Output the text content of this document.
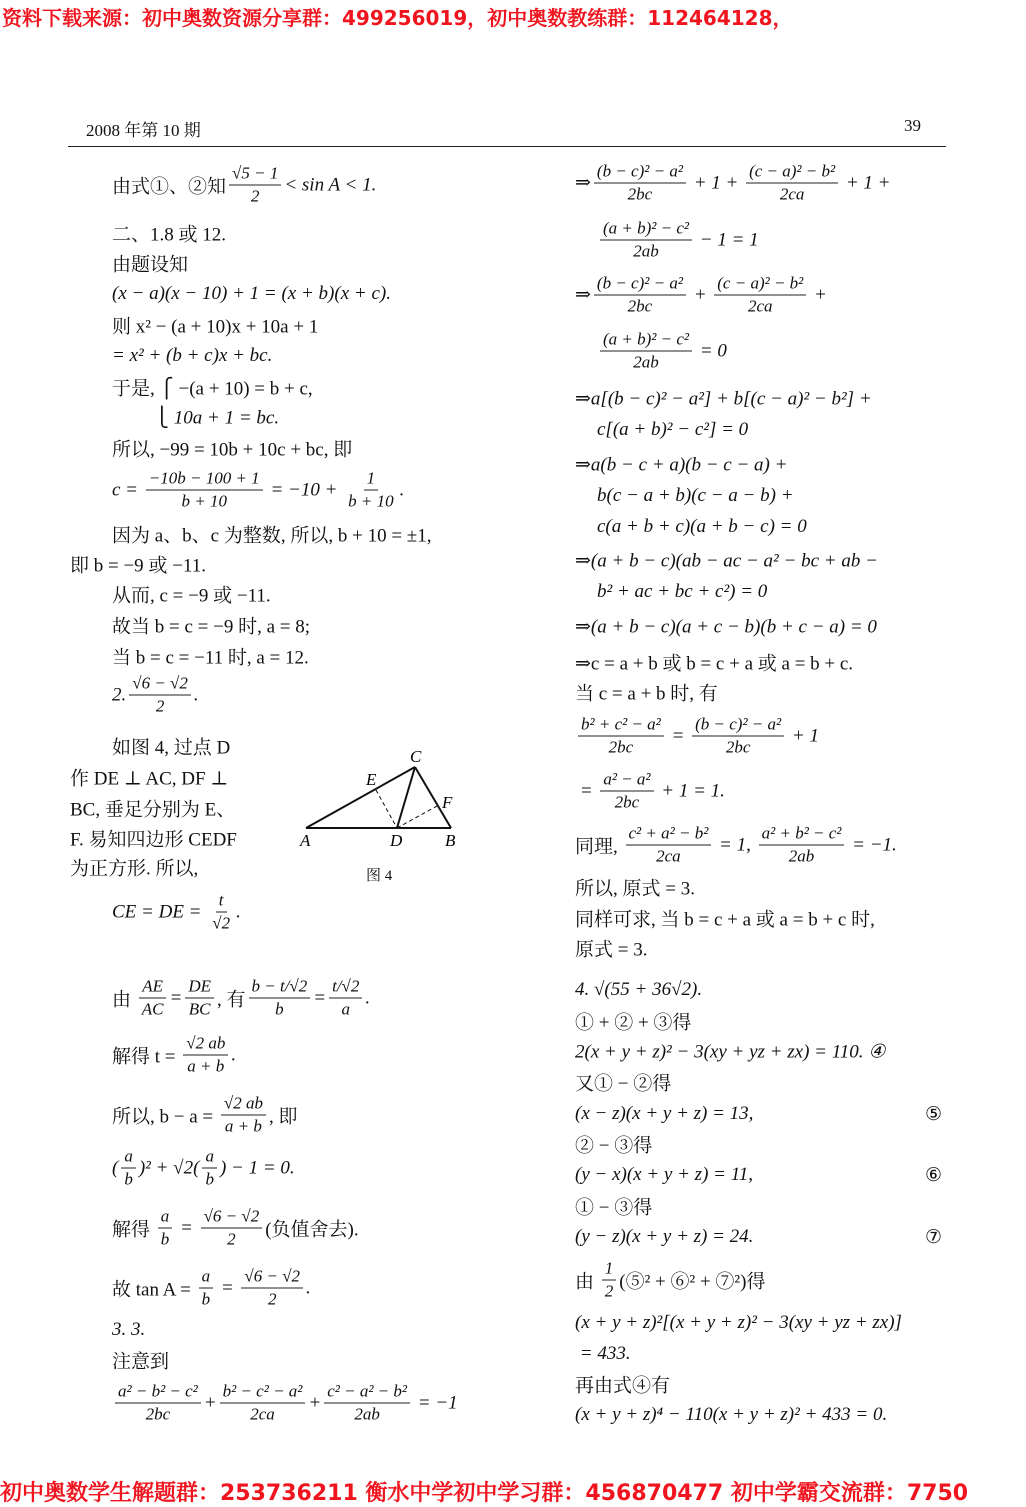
资料下载来源：初中奥数资源分享群：499256019，初中奥数教练群：112464128，
2008 年第 10 期	39
由式①、②知 $\frac{√5 - 1}{2} < \sin A < 1$.
二、1.8 或 12.
由题设知
(x − a)(x − 10) + 1 = (x + b)(x + c).
则 x² − (a + 10)x + 10a + 1
= x² + (b + c)x + bc.
于是, ⎧ −(a + 10) = b + c,
⎩ 10a + 1 = bc.
所以, −99 = 10b + 10c + bc, 即
$c = \frac{-10b - 100 + 1}{b + 10} = -10 + \frac{1}{b + 10}$ .
因为 a、b、c 为整数, 所以, b + 10 = ±1,
即 b = −9 或 −11.
从而, c = −9 或 −11.
故当 b = c = −9 时, a = 8;
当 b = c = −11 时, a = 12.
2. $\frac{√6 - √2}{2}$ .
如图 4, 过点 D
作 DE ⊥ AC, DF ⊥
BC, 垂足分别为 E、
F. 易知四边形 CEDF
为正方形. 所以,
CE = DE = $\frac{t}{√2}$ .
由 $\frac{AE}{AC} = \frac{DE}{BC}$ , 有 $\frac{b - t/√2}{b} = \frac{t/√2}{a}$ .
解得 $t = \frac{√2 ab}{a + b}$ .
所以, $b - a = \frac{√2 ab}{a + b}$ , 即
( $\frac{a}{b} )^2 + √2( \frac{a}{b}$ ) − 1 = 0.
解得 $\frac{a}{b} = \frac{√6 - √2}{2}$ (负值舍去).
故 $\tan A = \frac{a}{b} = \frac{√6 - √2}{2}$ .
3. 3.
注意到
$\frac{\text{a² − b² − c²}}{2bc} + \frac{\text{b² − c² − a²}}{2ca} + \frac{\text{c² − a² − b²}}{2ab} = -1$
⇒ $\frac{\text{(b − c)² − a²}}{2bc} + 1 + \frac{\text{(c − a)² − b²}}{2ca} + 1$ +
$\frac{\text{(a + b)² − c²}}{2ab} - 1 = 1$
⇒ $\frac{\text{(b − c)² − a²}}{2bc} + \frac{\text{(c − a)² − b²}}{2ca}$ +
$\frac{\text{(a + b)² − c²}}{2ab} = 0$
⇒a[(b − c)² − a²] + b[(c − a)² − b²] +
c[(a + b)² − c²] = 0
⇒a(b − c + a)(b − c − a) +
b(c − a + b)(c − a − b) +
c(a + b + c)(a + b − c) = 0
⇒(a + b − c)(ab − ac − a² − bc + ab −
b² + ac + bc + c²) = 0
⇒(a + b − c)(a + c − b)(b + c − a) = 0
⇒c = a + b 或 b = c + a 或 a = b + c.
当 c = a + b 时, 有
$\frac{\text{b² + c² − a²}}{2bc} = \frac{\text{(b − c)² − a²}}{2bc} + 1$
= $\frac{\text{a² − a²}}{2bc} + 1 = 1$.
同理, $\frac{\text{c² + a² − b²}}{2ca} = 1$, $\frac{\text{a² + b² − c²}}{2ab} = -1$.
所以, 原式 = 3.
同样可求, 当 b = c + a 或 a = b + c 时,
原式 = 3.
4. √(55 + 36√2).
① + ② + ③得
2(x + y + z)² − 3(xy + yz + zx) = 110. ④
又① − ②得
(x − z)(x + y + z) = 13,	⑤
② − ③得
(y − x)(x + y + z) = 11,	⑥
① − ③得
(y − z)(x + y + z) = 24.	⑦
由 $\frac{1}{2}$ (⑤² + ⑥² + ⑦²)得
(x + y + z)²[(x + y + z)² − 3(xy + yz + zx)]
= 433.
再由式④有
(x + y + z)⁴ − 110(x + y + z)² + 433 = 0.
A	B
C
D
E
F
图 4
初中奥数学生解题群：253736211 衡水中学初中学习群：456870477 初中学霸交流群：7750
